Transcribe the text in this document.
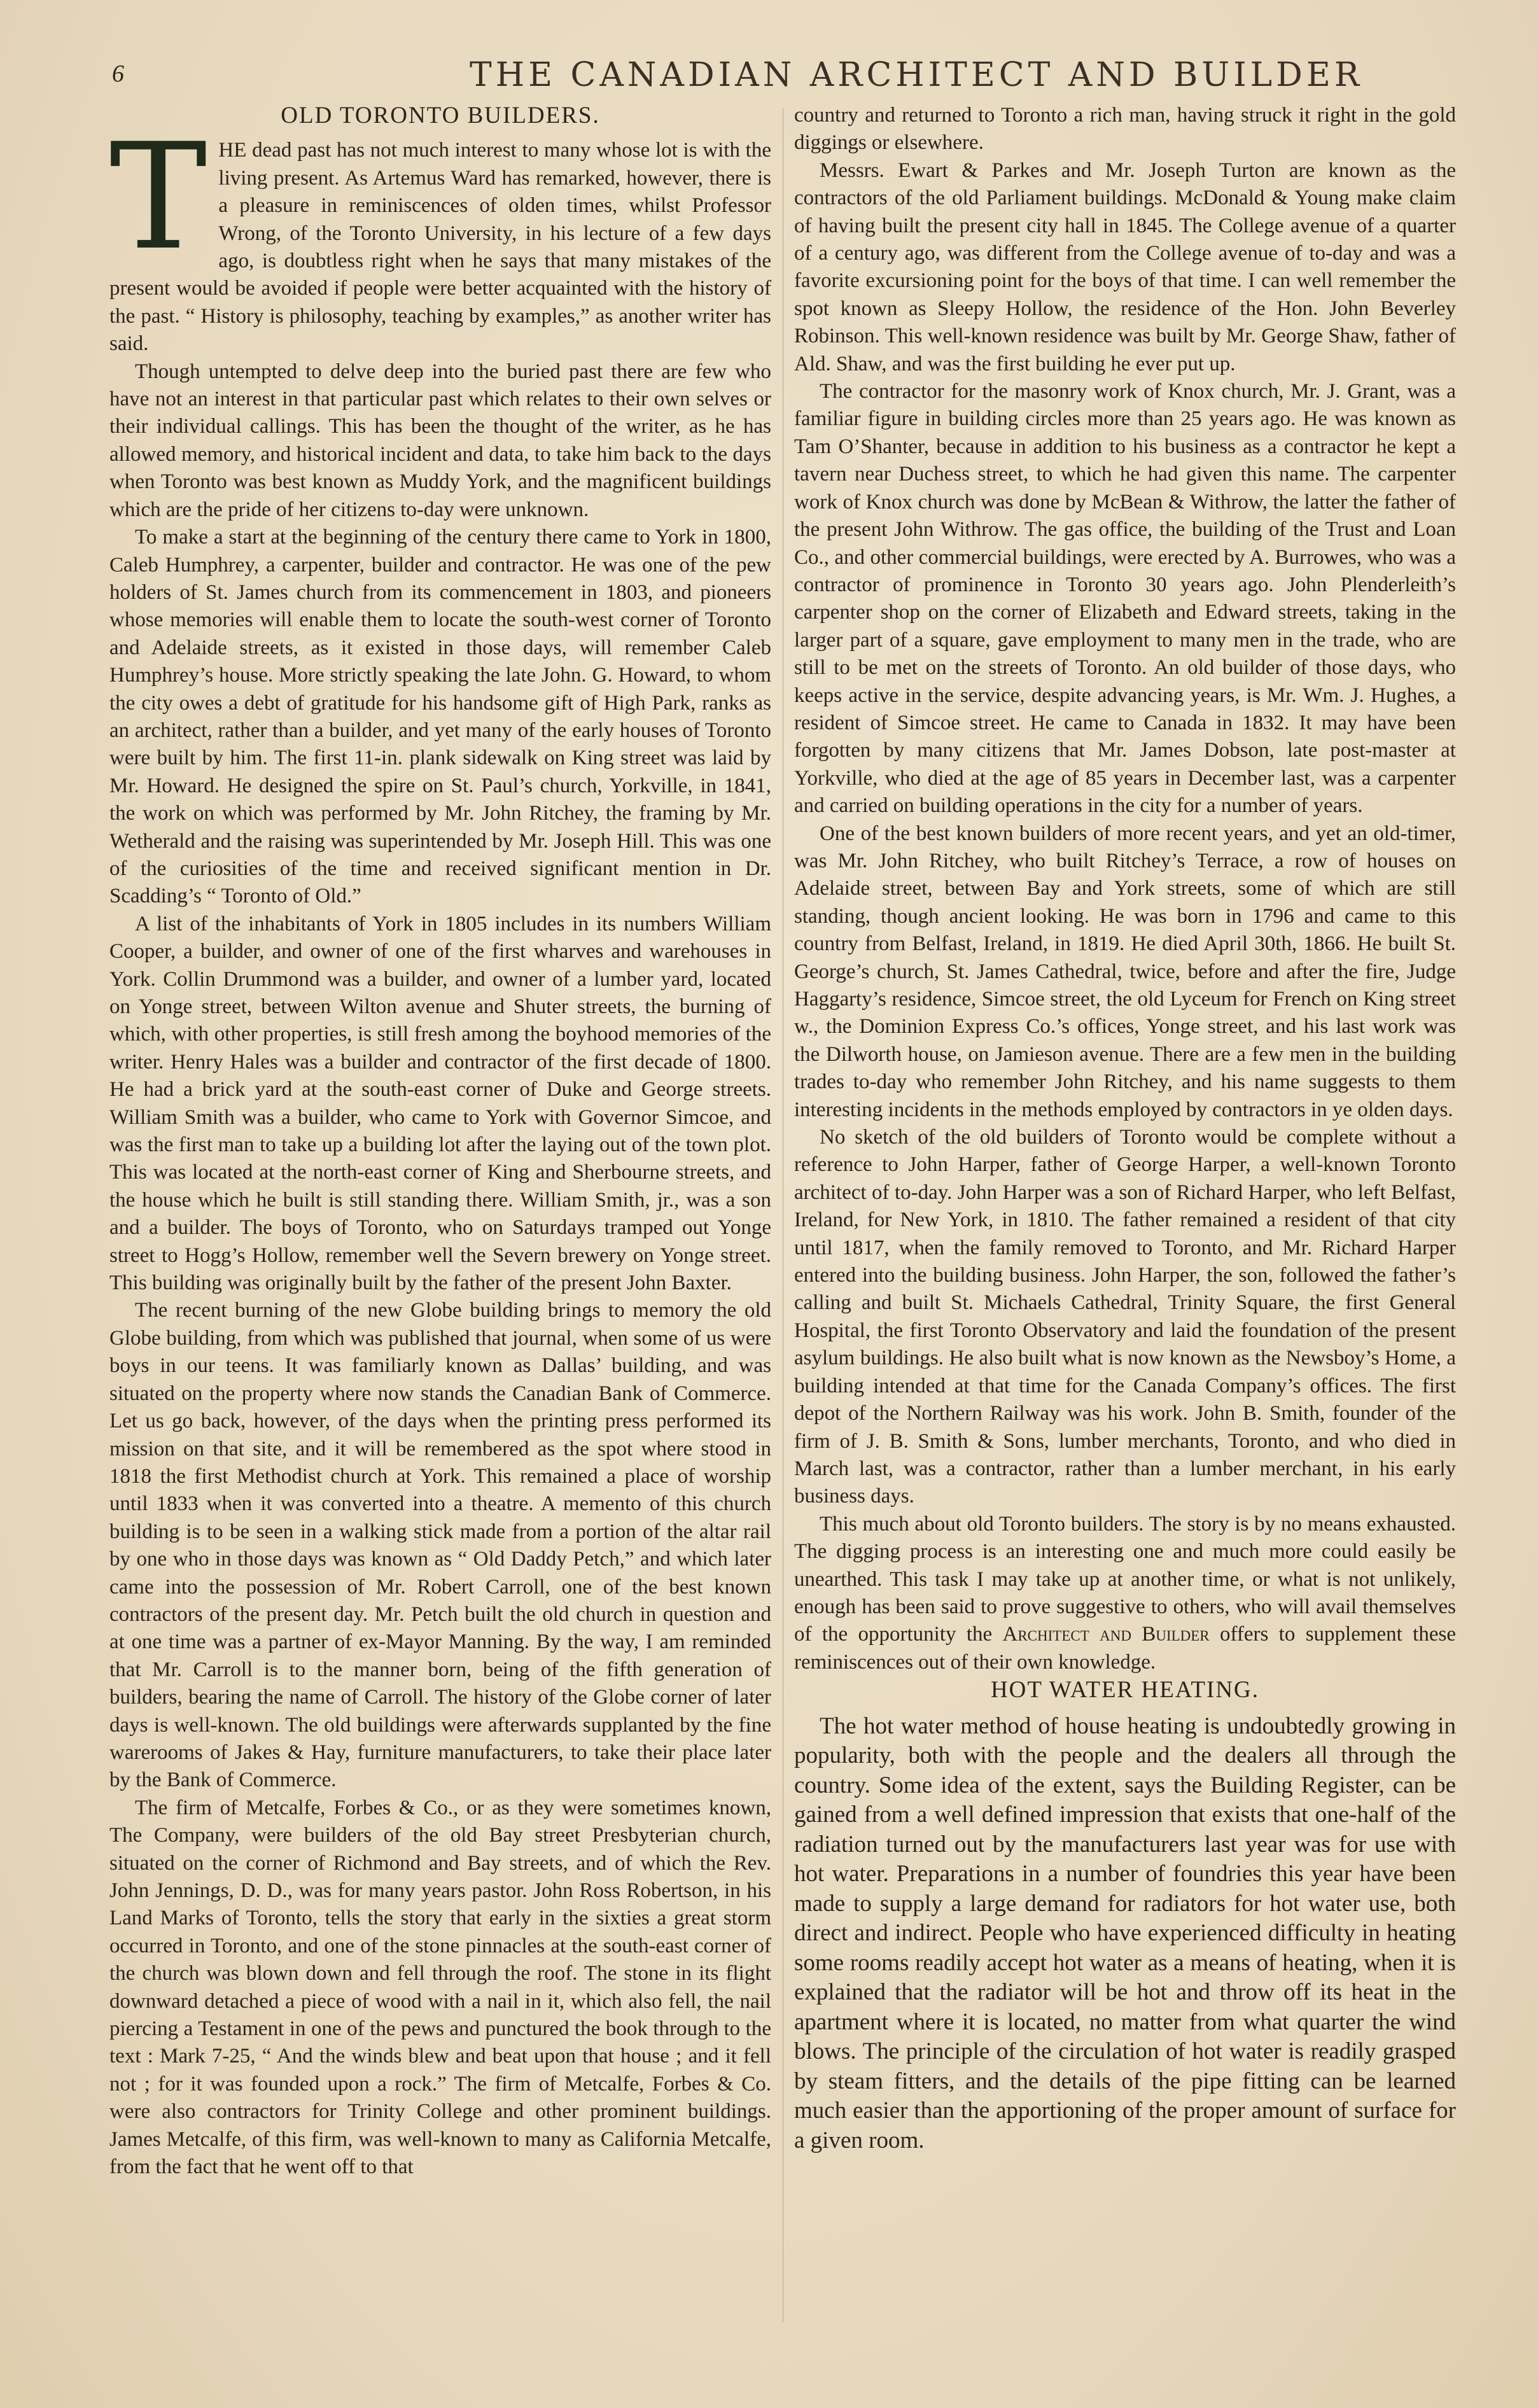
6	THE CANADIAN ARCHITECT AND BUILDER
OLD TORONTO BUILDERS.

THE dead past has not much interest to many whose lot is with the living present. As Artemus Ward has remarked, however, there is a pleasure in reminiscences of olden times, whilst Professor Wrong, of the Toronto University, in his lecture of a few days ago, is doubtless right when he says that many mistakes of the present would be avoided if people were better acquainted with the history of the past. “ History is philosophy, teaching by examples,” as another writer has said.

Though untempted to delve deep into the buried past there are few who have not an interest in that particular past which relates to their own selves or their individual callings. This has been the thought of the writer, as he has allowed memory, and historical incident and data, to take him back to the days when Toronto was best known as Muddy York, and the magnificent buildings which are the pride of her citizens to-day were unknown.

To make a start at the beginning of the century there came to York in 1800, Caleb Humphrey, a carpenter, builder and contractor. He was one of the pew holders of St. James church from its commencement in 1803, and pioneers whose memories will enable them to locate the south-west corner of Toronto and Adelaide streets, as it existed in those days, will remember Caleb Humphrey’s house. More strictly speaking the late John. G. Howard, to whom the city owes a debt of gratitude for his handsome gift of High Park, ranks as an architect, rather than a builder, and yet many of the early houses of Toronto were built by him. The first 11-in. plank sidewalk on King street was laid by Mr. Howard. He designed the spire on St. Paul’s church, Yorkville, in 1841, the work on which was performed by Mr. John Ritchey, the framing by Mr. Wetherald and the raising was superintended by Mr. Joseph Hill. This was one of the curiosities of the time and received significant mention in Dr. Scadding’s “ Toronto of Old.”

A list of the inhabitants of York in 1805 includes in its numbers William Cooper, a builder, and owner of one of the first wharves and warehouses in York. Collin Drummond was a builder, and owner of a lumber yard, located on Yonge street, between Wilton avenue and Shuter streets, the burning of which, with other properties, is still fresh among the boyhood memories of the writer. Henry Hales was a builder and contractor of the first decade of 1800. He had a brick yard at the south-east corner of Duke and George streets. William Smith was a builder, who came to York with Governor Simcoe, and was the first man to take up a building lot after the laying out of the town plot. This was located at the north-east corner of King and Sherbourne streets, and the house which he built is still standing there. William Smith, jr., was a son and a builder. The boys of Toronto, who on Saturdays tramped out Yonge street to Hogg’s Hollow, remember well the Severn brewery on Yonge street. This building was originally built by the father of the present John Baxter.

The recent burning of the new Globe building brings to memory the old Globe building, from which was published that journal, when some of us were boys in our teens. It was familiarly known as Dallas’ building, and was situated on the property where now stands the Canadian Bank of Commerce. Let us go back, however, of the days when the printing press performed its mission on that site, and it will be remembered as the spot where stood in 1818 the first Methodist church at York. This remained a place of worship until 1833 when it was converted into a theatre. A memento of this church building is to be seen in a walking stick made from a portion of the altar rail by one who in those days was known as “ Old Daddy Petch,” and which later came into the possession of Mr. Robert Carroll, one of the best known contractors of the present day. Mr. Petch built the old church in question and at one time was a partner of ex-Mayor Manning. By the way, I am reminded that Mr. Carroll is to the manner born, being of the fifth generation of builders, bearing the name of Carroll. The history of the Globe corner of later days is well-known. The old buildings were afterwards supplanted by the fine warerooms of Jakes & Hay, furniture manufacturers, to take their place later by the Bank of Commerce.

The firm of Metcalfe, Forbes & Co., or as they were sometimes known, The Company, were builders of the old Bay street Presbyterian church, situated on the corner of Richmond and Bay streets, and of which the Rev. John Jennings, D. D., was for many years pastor. John Ross Robertson, in his Land Marks of Toronto, tells the story that early in the sixties a great storm occurred in Toronto, and one of the stone pinnacles at the south-east corner of the church was blown down and fell through the roof. The stone in its flight downward detached a piece of wood with a nail in it, which also fell, the nail piercing a Testament in one of the pews and punctured the book through to the text : Mark 7-25, “ And the winds blew and beat upon that house ; and it fell not ; for it was founded upon a rock.” The firm of Metcalfe, Forbes & Co. were also contractors for Trinity College and other prominent buildings. James Metcalfe, of this firm, was well-known to many as California Metcalfe, from the fact that he went off to that

country and returned to Toronto a rich man, having struck it right in the gold diggings or elsewhere.

Messrs. Ewart & Parkes and Mr. Joseph Turton are known as the contractors of the old Parliament buildings. McDonald & Young make claim of having built the present city hall in 1845. The College avenue of a quarter of a century ago, was different from the College avenue of to-day and was a favorite excursioning point for the boys of that time. I can well remember the spot known as Sleepy Hollow, the residence of the Hon. John Beverley Robinson. This well-known residence was built by Mr. George Shaw, father of Ald. Shaw, and was the first building he ever put up.

The contractor for the masonry work of Knox church, Mr. J. Grant, was a familiar figure in building circles more than 25 years ago. He was known as Tam O’Shanter, because in addition to his business as a contractor he kept a tavern near Duchess street, to which he had given this name. The carpenter work of Knox church was done by McBean & Withrow, the latter the father of the present John Withrow. The gas office, the building of the Trust and Loan Co., and other commercial buildings, were erected by A. Burrowes, who was a contractor of prominence in Toronto 30 years ago. John Plenderleith’s carpenter shop on the corner of Elizabeth and Edward streets, taking in the larger part of a square, gave employment to many men in the trade, who are still to be met on the streets of Toronto. An old builder of those days, who keeps active in the service, despite advancing years, is Mr. Wm. J. Hughes, a resident of Simcoe street. He came to Canada in 1832. It may have been forgotten by many citizens that Mr. James Dobson, late post-master at Yorkville, who died at the age of 85 years in December last, was a carpenter and carried on building operations in the city for a number of years.

One of the best known builders of more recent years, and yet an old-timer, was Mr. John Ritchey, who built Ritchey’s Terrace, a row of houses on Adelaide street, between Bay and York streets, some of which are still standing, though ancient looking. He was born in 1796 and came to this country from Belfast, Ireland, in 1819. He died April 30th, 1866. He built St. George’s church, St. James Cathedral, twice, before and after the fire, Judge Haggarty’s residence, Simcoe street, the old Lyceum for French on King street w., the Dominion Express Co.’s offices, Yonge street, and his last work was the Dilworth house, on Jamieson avenue. There are a few men in the building trades to-day who remember John Ritchey, and his name suggests to them interesting incidents in the methods employed by contractors in ye olden days.

No sketch of the old builders of Toronto would be complete without a reference to John Harper, father of George Harper, a well-known Toronto architect of to-day. John Harper was a son of Richard Harper, who left Belfast, Ireland, for New York, in 1810. The father remained a resident of that city until 1817, when the family removed to Toronto, and Mr. Richard Harper entered into the building business. John Harper, the son, followed the father’s calling and built St. Michaels Cathedral, Trinity Square, the first General Hospital, the first Toronto Observatory and laid the foundation of the present asylum buildings. He also built what is now known as the Newsboy’s Home, a building intended at that time for the Canada Company’s offices. The first depot of the Northern Railway was his work. John B. Smith, founder of the firm of J. B. Smith & Sons, lumber merchants, Toronto, and who died in March last, was a contractor, rather than a lumber merchant, in his early business days.

This much about old Toronto builders. The story is by no means exhausted. The digging process is an interesting one and much more could easily be unearthed. This task I may take up at another time, or what is not unlikely, enough has been said to prove suggestive to others, who will avail themselves of the opportunity the Architect and Builder offers to supplement these reminiscences out of their own knowledge.

HOT WATER HEATING.

The hot water method of house heating is undoubtedly growing in popularity, both with the people and the dealers all through the country. Some idea of the extent, says the Building Register, can be gained from a well defined impression that exists that one-half of the radiation turned out by the manufacturers last year was for use with hot water. Preparations in a number of foundries this year have been made to supply a large demand for radiators for hot water use, both direct and indirect. People who have experienced difficulty in heating some rooms readily accept hot water as a means of heating, when it is explained that the radiator will be hot and throw off its heat in the apartment where it is located, no matter from what quarter the wind blows. The principle of the circulation of hot water is readily grasped by steam fitters, and the details of the pipe fitting can be learned much easier than the apportioning of the proper amount of surface for a given room.
